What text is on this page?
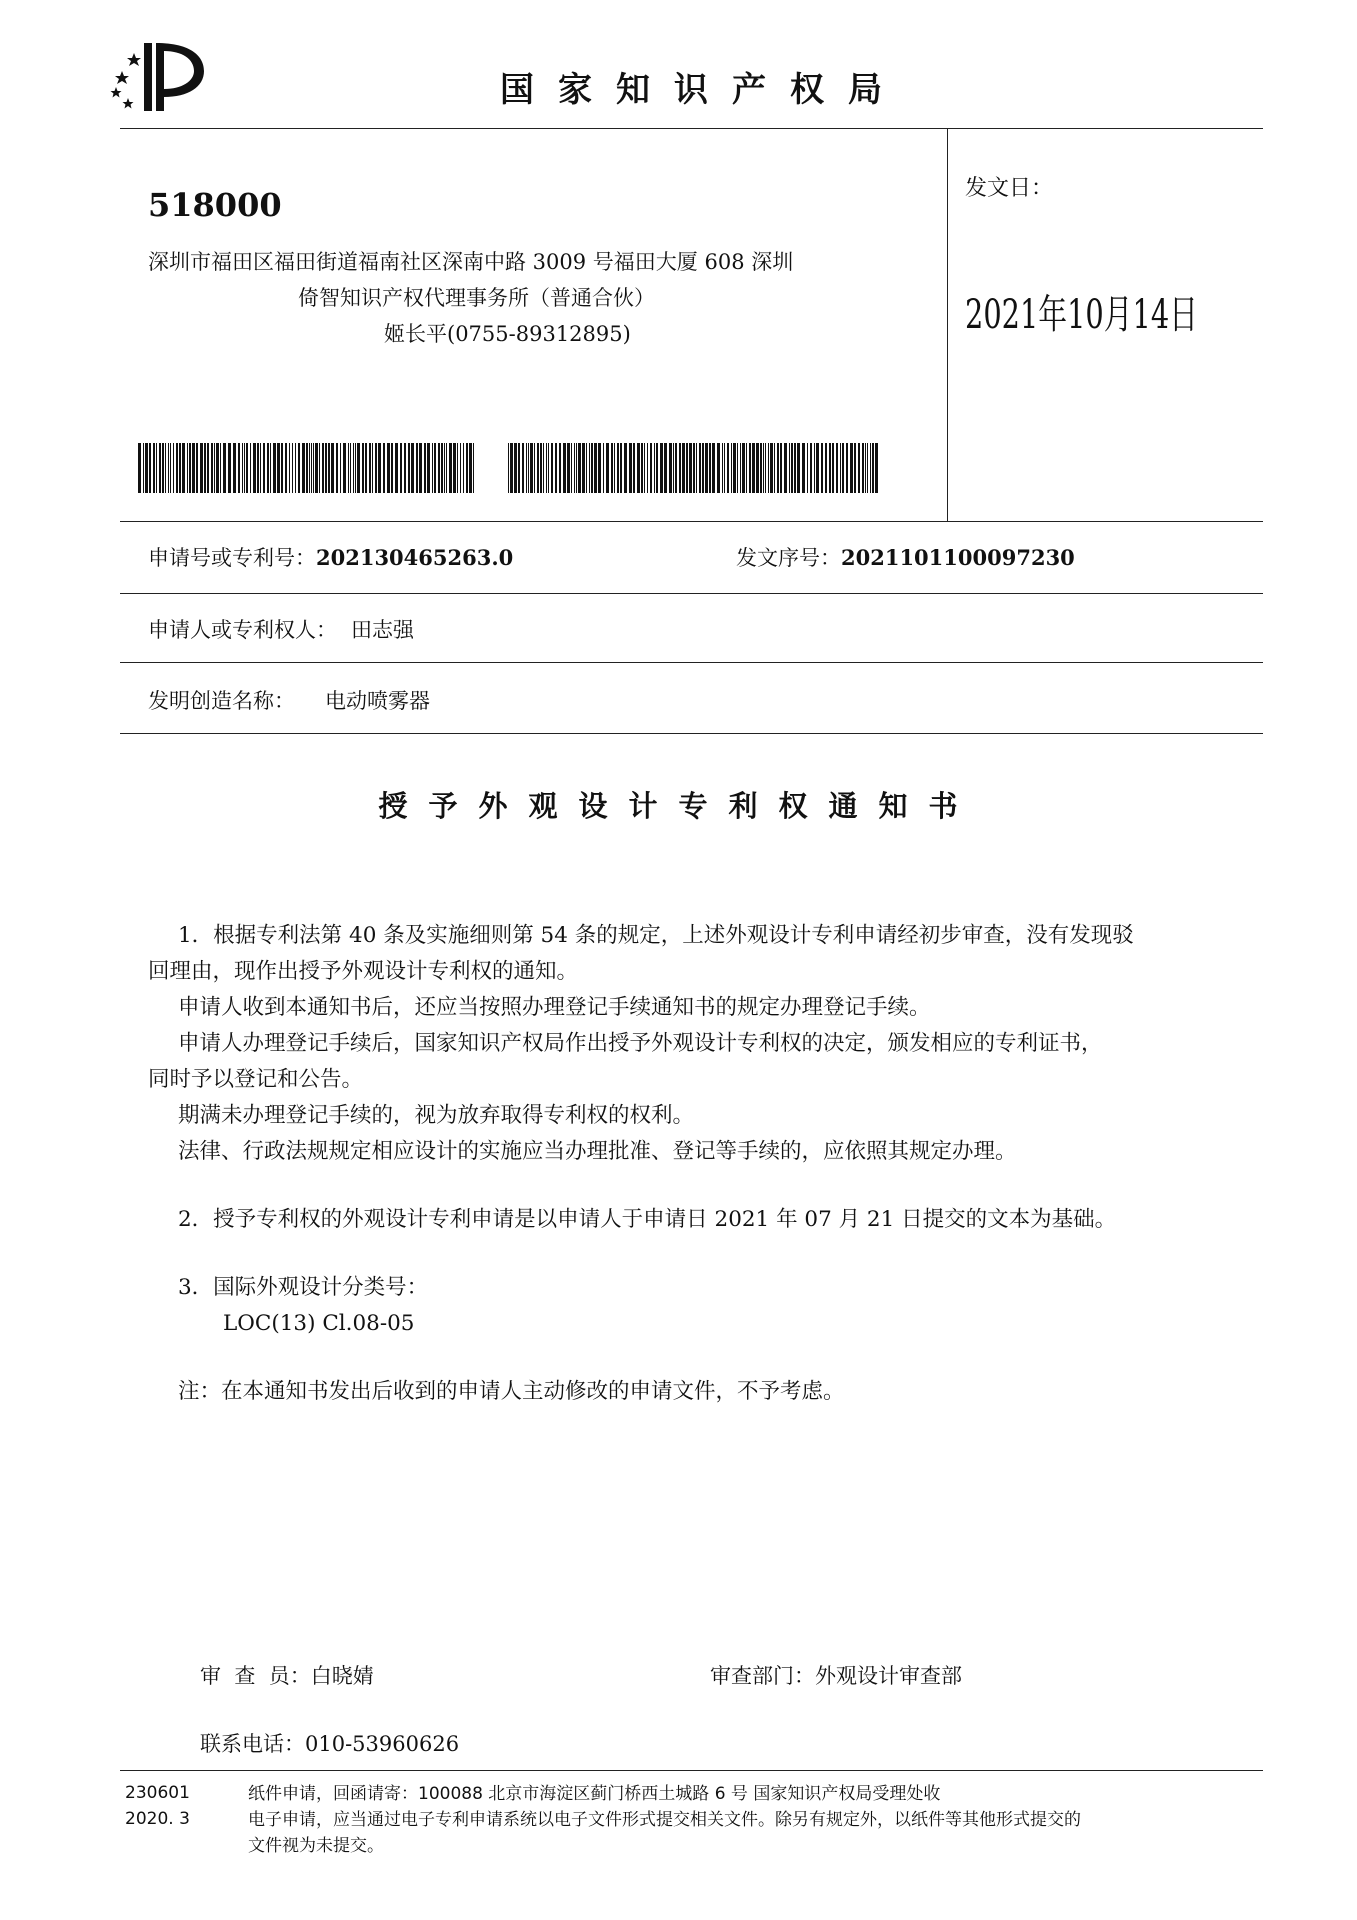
国家知识产权局
518000
深圳市福田区福田街道福南社区深南中路 3009 号福田大厦 608 深圳
倚智知识产权代理事务所（普通合伙）
姬长平(0755-89312895)
发文日：
2021年10月14日
申请号或专利号：202130465263.0	发文序号：2021101100097230
申请人或专利权人： 田志强
发明创造名称： 电动喷雾器
授予外观设计专利权通知书

1．根据专利法第 40 条及实施细则第 54 条的规定，上述外观设计专利申请经初步审查，没有发现驳

回理由，现作出授予外观设计专利权的通知。

申请人收到本通知书后，还应当按照办理登记手续通知书的规定办理登记手续。

申请人办理登记手续后，国家知识产权局作出授予外观设计专利权的决定，颁发相应的专利证书，

同时予以登记和公告。

期满未办理登记手续的，视为放弃取得专利权的权利。

法律、行政法规规定相应设计的实施应当办理批准、登记等手续的，应依照其规定办理。

2．授予专利权的外观设计专利申请是以申请人于申请日 2021 年 07 月 21 日提交的文本为基础。

3．国际外观设计分类号：

LOC(13) Cl.08-05

注：在本通知书发出后收到的申请人主动修改的申请文件，不予考虑。

审  查  员：白晓婧	审查部门：外观设计审查部
联系电话：010-53960626
230601
2020. 3
纸件申请，回函请寄：100088 北京市海淀区蓟门桥西土城路 6 号 国家知识产权局受理处收
电子申请，应当通过电子专利申请系统以电子文件形式提交相关文件。除另有规定外，以纸件等其他形式提交的
文件视为未提交。
